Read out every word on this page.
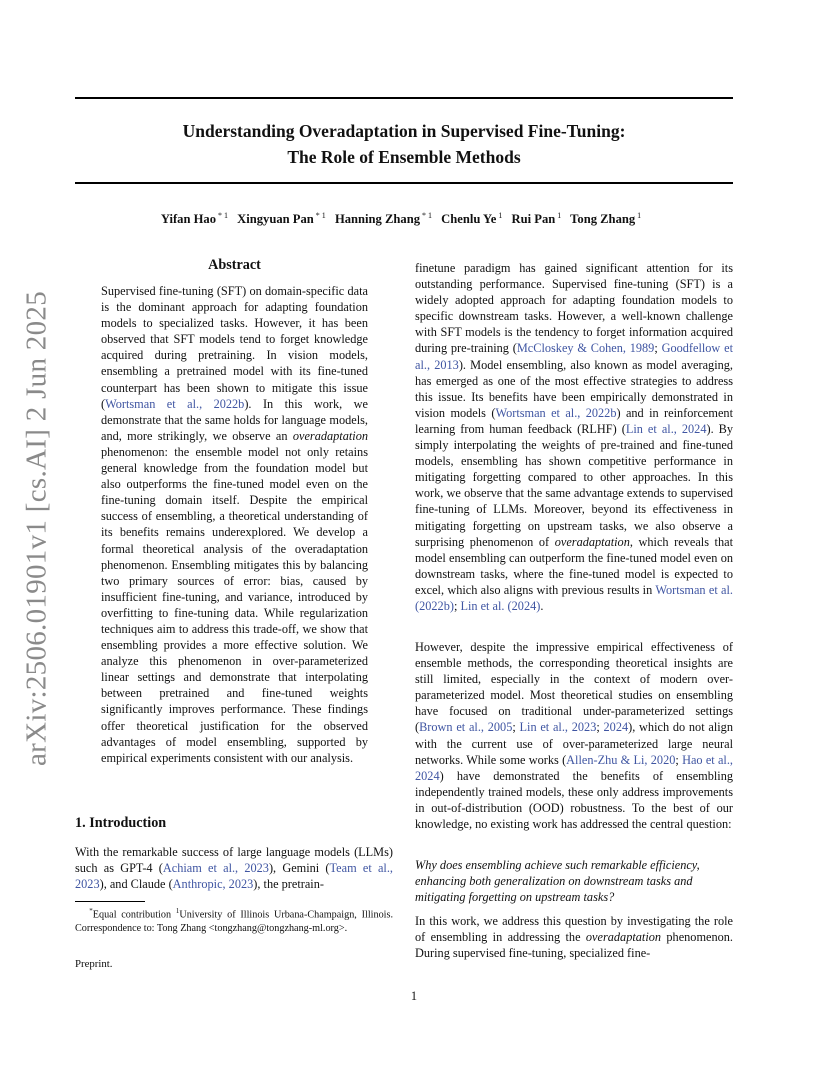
Understanding Overadaptation in Supervised Fine-Tuning:
The Role of Ensemble Methods
Yifan Hao $^{* 1}$ Xingyuan Pan $^{* 1}$ Hanning Zhang $^{* 1}$ Chenlu Ye $^1$ Rui Pan $^1$ Tong Zhang $^1$
arXiv:2506.01901v1 [cs.AI] 2 Jun 2025
Abstract
Supervised fine-tuning (SFT) on domain-specific data is the dominant approach for adapting foundation models to specialized tasks. However, it has been observed that SFT models tend to forget knowledge acquired during pretraining. In vision models, ensembling a pretrained model with its fine-tuned counterpart has been shown to mitigate this issue (Wortsman et al., 2022b). In this work, we demonstrate that the same holds for language models, and, more strikingly, we observe an overadaptation phenomenon: the ensemble model not only retains general knowledge from the foundation model but also outperforms the fine-tuned model even on the fine-tuning domain itself. Despite the empirical success of ensembling, a theoretical understanding of its benefits remains underexplored. We develop a formal theoretical analysis of the overadaptation phenomenon. Ensembling mitigates this by balancing two primary sources of error: bias, caused by insufficient fine-tuning, and variance, introduced by overfitting to fine-tuning data. While regularization techniques aim to address this trade-off, we show that ensembling provides a more effective solution. We analyze this phenomenon in over-parameterized linear settings and demonstrate that interpolating between pretrained and fine-tuned weights significantly improves performance. These findings offer theoretical justification for the observed advantages of model ensembling, supported by empirical experiments consistent with our analysis.
1. Introduction
With the remarkable success of large language models (LLMs) such as GPT-4 (Achiam et al., 2023), Gemini (Team et al., 2023), and Claude (Anthropic, 2023), the pretrain-
*Equal contribution $^1$University of Illinois Urbana-Champaign, Illinois. Correspondence to: Tong Zhang <tongzhang@tongzhang-ml.org>.
Preprint.
finetune paradigm has gained significant attention for its outstanding performance. Supervised fine-tuning (SFT) is a widely adopted approach for adapting foundation models to specific downstream tasks. However, a well-known challenge with SFT models is the tendency to forget information acquired during pre-training (McCloskey & Cohen, 1989; Goodfellow et al., 2013). Model ensembling, also known as model averaging, has emerged as one of the most effective strategies to address this issue. Its benefits have been empirically demonstrated in vision models (Wortsman et al., 2022b) and in reinforcement learning from human feedback (RLHF) (Lin et al., 2024). By simply interpolating the weights of pre-trained and fine-tuned models, ensembling has shown competitive performance in mitigating forgetting compared to other approaches. In this work, we observe that the same advantage extends to supervised fine-tuning of LLMs. Moreover, beyond its effectiveness in mitigating forgetting on upstream tasks, we also observe a surprising phenomenon of overadaptation, which reveals that model ensembling can outperform the fine-tuned model even on downstream tasks, where the fine-tuned model is expected to excel, which also aligns with previous results in Wortsman et al. (2022b); Lin et al. (2024).
However, despite the impressive empirical effectiveness of ensemble methods, the corresponding theoretical insights are still limited, especially in the context of modern over-parameterized model. Most theoretical studies on ensembling have focused on traditional under-parameterized settings (Brown et al., 2005; Lin et al., 2023; 2024), which do not align with the current use of over-parameterized large neural networks. While some works (Allen-Zhu & Li, 2020; Hao et al., 2024) have demonstrated the benefits of ensembling independently trained models, these only address improvements in out-of-distribution (OOD) robustness. To the best of our knowledge, no existing work has addressed the central question:
Why does ensembling achieve such remarkable efficiency, enhancing both generalization on downstream tasks and mitigating forgetting on upstream tasks?
In this work, we address this question by investigating the role of ensembling in addressing the overadaptation phenomenon. During supervised fine-tuning, specialized fine-
1
